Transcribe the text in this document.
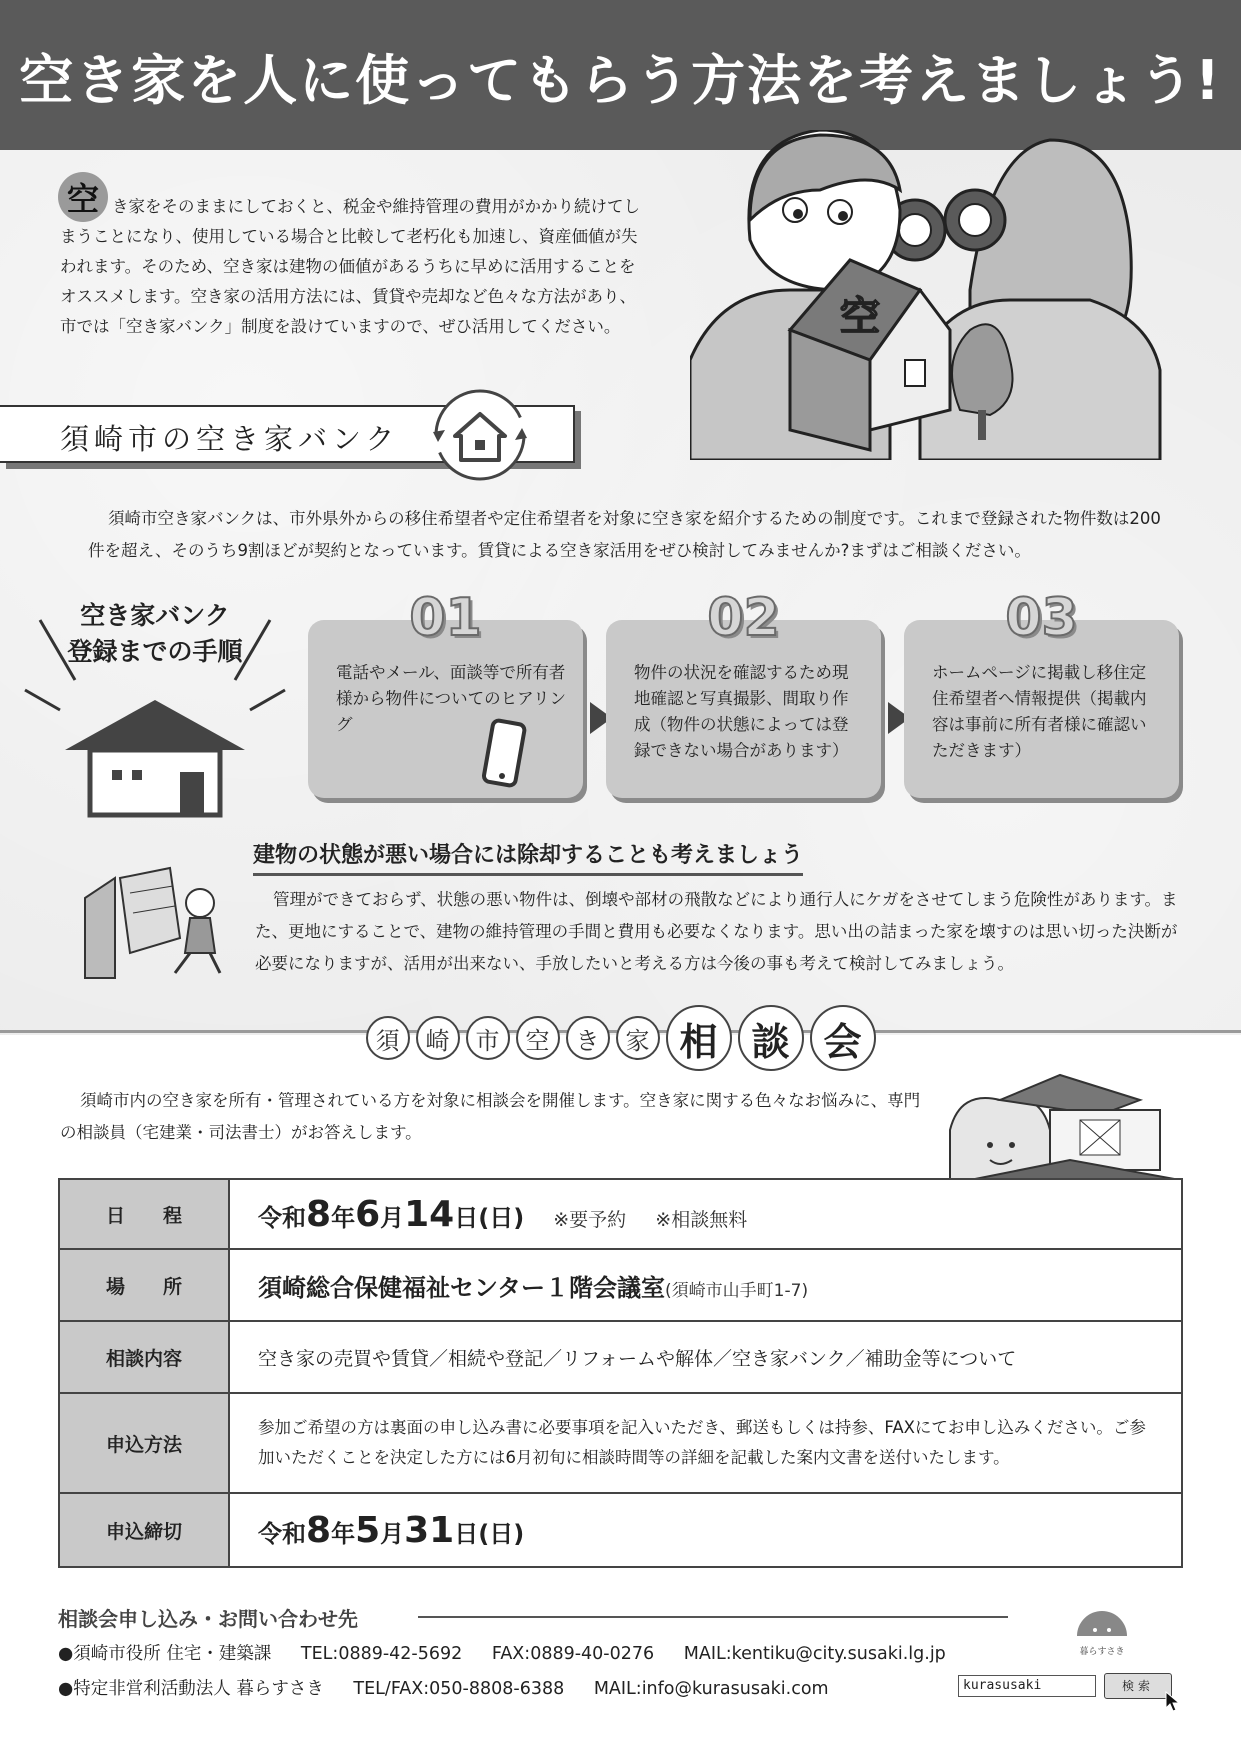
空き家を人に使ってもらう方法を考えましょう!
空 き家をそのままにしておくと、税金や維持管理の費用がかかり続けてしまうことになり、使用している場合と比較して老朽化も加速し、資産価値が失われます。そのため、空き家は建物の価値があるうちに早めに活用することをオススメします。空き家の活用方法には、賃貸や売却など色々な方法があり、市では「空き家バンク」制度を設けていますので、ぜひ活用してください。	空
須崎市の空き家バンク

須崎市空き家バンクは、市外県外からの移住希望者や定住希望者を対象に空き家を紹介するための制度です。これまで登録された物件数は200件を超え、そのうち9割ほどが契約となっています。賃貸による空き家活用をぜひ検討してみませんか?まずはご相談ください。

空き家バンク
登録までの手順
01
電話やメール、面談等で所有者様から物件についてのヒアリング
02
物件の状況を確認するため現地確認と写真撮影、間取り作成（物件の状態によっては登録できない場合があります）
03
ホームページに掲載し移住定住希望者へ情報提供（掲載内容は事前に所有者様に確認いただきます）
建物の状態が悪い場合には除却することも考えましょう

管理ができておらず、状態の悪い物件は、倒壊や部材の飛散などにより通行人にケガをさせてしまう危険性があります。また、更地にすることで、建物の維持管理の手間と費用も必要なくなります。思い出の詰まった家を壊すのは思い切った決断が必要になりますが、活用が出来ない、手放したいと考える方は今後の事も考えて検討してみましょう。

須	崎	市	空	き	家 相 談 会

須崎市内の空き家を所有・管理されている方を対象に相談会を開催します。空き家に関する色々なお悩みに、専門の相談員（宅建業・司法書士）がお答えします。

日　　程	令和8年6月14日(日) ※要予約 ※相談無料
場　　所	須崎総合保健福祉センター１階会議室(須崎市山手町1-7)
相談内容	空き家の売買や賃貸／相続や登記／リフォームや解体／空き家バンク／補助金等について
申込方法	参加ご希望の方は裏面の申し込み書に必要事項を記入いただき、郵送もしくは持参、FAXにてお申し込みください。ご参加いただくことを決定した方には6月初旬に相談時間等の詳細を記載した案内文書を送付いたします。
申込締切	令和8年5月31日(日)
相談会申し込み・お問い合わせ先
●須崎市役所 住宅・建築課 TEL:0889-42-5692 FAX:0889-40-0276 MAIL:kentiku@city.susaki.lg.jp
●特定非営利活動法人 暮らすさき TEL/FAX:050-8808-6388 MAIL:info@kurasusaki.com
暮らすさき
kurasusaki	検索
